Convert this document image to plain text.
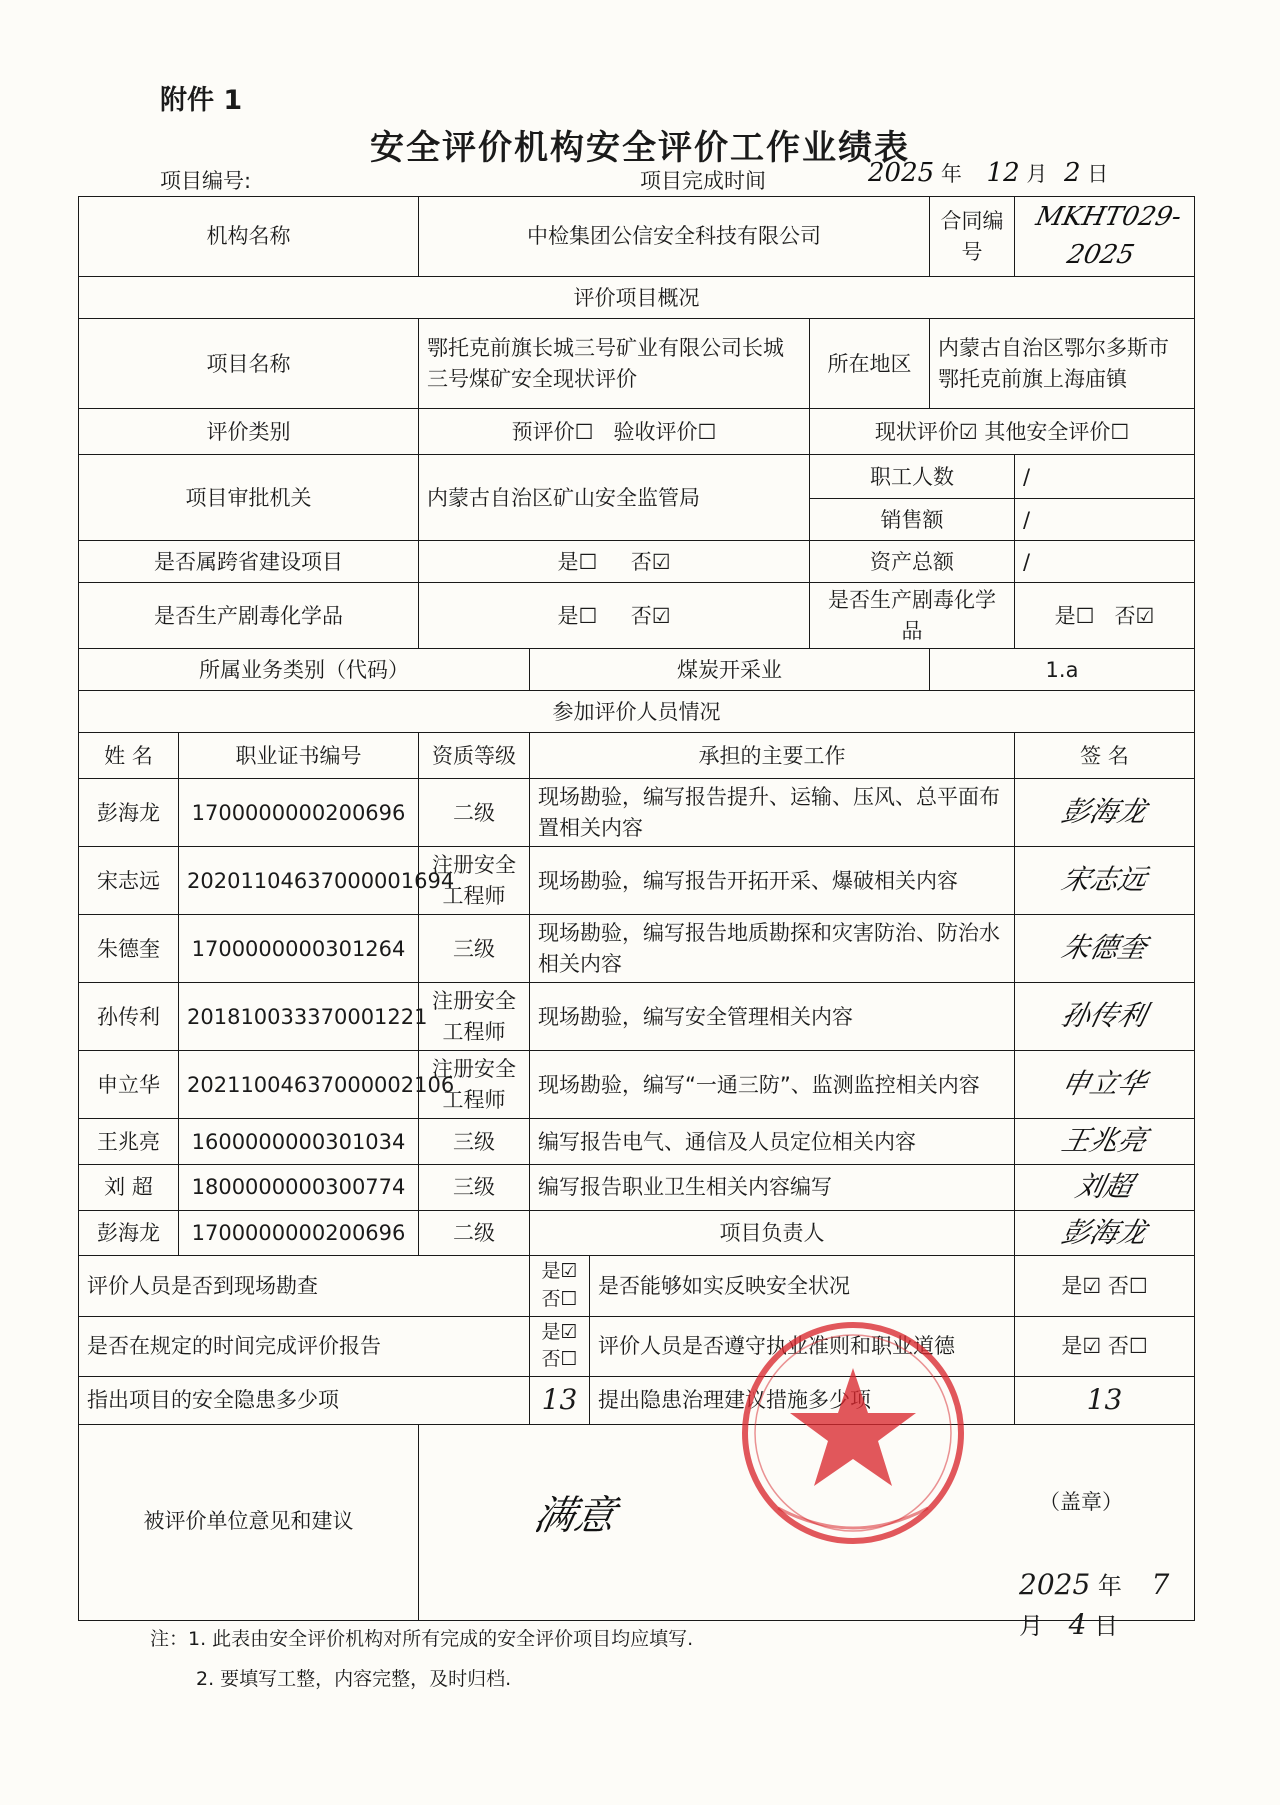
附件 1
安全评价机构安全评价工作业绩表
项目编号:	项目完成时间	2025 年 12 月 2 日
机构名称		中检集团公信安全科技有限公司				合同编号	MKHT029-2025
评价项目概况							
项目名称		鄂托克前旗长城三号矿业有限公司长城三号煤矿安全现状评价			所在地区	内蒙古自治区鄂尔多斯市鄂托克前旗上海庙镇	
评价类别		预评价☐ 验收评价☐			现状评价☑ 其他安全评价☐		
项目审批机关		内蒙古自治区矿山安全监管局			职工人数		/
					销售额		/
是否属跨省建设项目		是☐ 否☑			资产总额		/
是否生产剧毒化学品		是☐ 否☑			是否生产剧毒化学品		是☐ 否☑
所属业务类别（代码）			煤炭开采业			1.a	
参加评价人员情况							
姓 名	职业证书编号	资质等级	承担的主要工作				签 名
彭海龙	1700000000200696	二级	现场勘验，编写报告提升、运输、压风、总平面布置相关内容				彭海龙
宋志远	20201104637000001694	注册安全工程师	现场勘验，编写报告开拓开采、爆破相关内容				宋志远
朱德奎	1700000000301264	三级	现场勘验，编写报告地质勘探和灾害防治、防治水相关内容				朱德奎
孙传利	201810033370001221	注册安全工程师	现场勘验，编写安全管理相关内容				孙传利
申立华	20211004637000002106	注册安全工程师	现场勘验，编写“一通三防”、监测监控相关内容				申立华
王兆亮	1600000000301034	三级	编写报告电气、通信及人员定位相关内容				王兆亮
刘 超	1800000000300774	三级	编写报告职业卫生相关内容编写				刘超
彭海龙	1700000000200696	二级	项目负责人				彭海龙
评价人员是否到现场勘查			是☑ 否☐	是否能够如实反映安全状况			是☑ 否☐
是否在规定的时间完成评价报告			是☑ 否☐	评价人员是否遵守执业准则和职业道德			是☑ 否☐
指出项目的安全隐患多少项			13	提出隐患治理建议措施多少项			13
被评价单位意见和建议		满意 （盖章）
2025 年 7 月 4 日					
注：1. 此表由安全评价机构对所有完成的安全评价项目均应填写.
2. 要填写工整，内容完整，及时归档.
